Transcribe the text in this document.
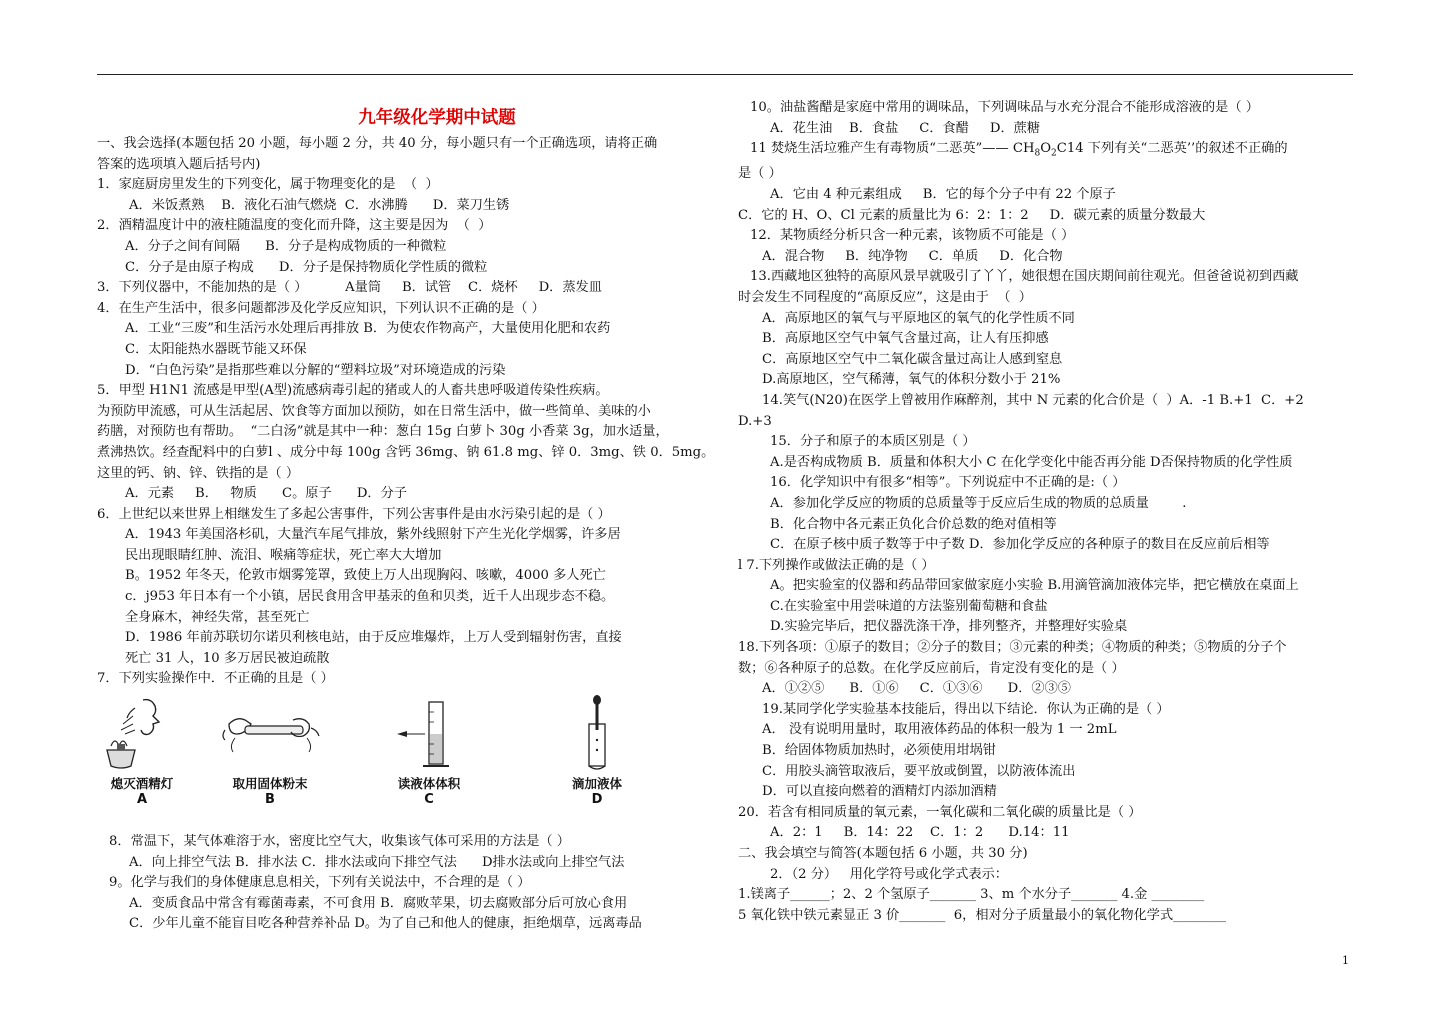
九年级化学期中试题
一、我会选择(本题包括 20 小题，每小题 2 分，共 40 分，每小题只有一个正确选项，请将正确
答案的选项填入题后括号内)
1．家庭厨房里发生的下列变化，属于物理变化的是  （  ）
A．米饭煮熟    B．液化石油气燃烧  C．水沸腾      D．菜刀生锈
2．酒精温度计中的液柱随温度的变化而升降，这主要是因为  （  ）
A．分子之间有间隔      B．分子是构成物质的一种微粒
C．分子是由原子构成      D．分子是保持物质化学性质的微粒
3．下列仪器中，不能加热的是（ ）         A量筒     B．试管    C．烧杯     D．蒸发皿
4．在生产生活中，很多问题都涉及化学反应知识，下列认识不正确的是（ ）
A．工业“三废”和生活污水处理后再排放 B．为使农作物高产，大量使用化肥和农药
C．太阳能热水器既节能又环保
D．“白色污染”是指那些难以分解的“塑料垃圾”对环境造成的污染
5．甲型 H1N1 流感是甲型(A型)流感病毒引起的猪或人的人畜共患呼吸道传染性疾病。
为预防甲流感，可从生活起居、饮食等方面加以预防，如在日常生活中，做一些简单、美味的小
药膳，对预防也有帮助。  “二白汤”就是其中一种：葱白 15g 白萝卜 30g 小香菜 3g，加水适量，
煮沸热饮。经查配料中的白萝l 、成分中每 100g 含钙 36mg、钠 61.8 mg、锌 0．3mg、铁 0．5mg。
这里的钙、钠、锌、铁指的是（ ）
A．元素     B．   物质      C。原子      D．分子
6．上世纪以来世界上相继发生了多起公害事件，下列公害事件是由水污染引起的是（ ）
A．1943 年美国洛杉矶，大量汽车尾气排放，紫外线照射下产生光化学烟雾，许多居
民出现眼睛红肿、流泪、喉痛等症状，死亡率大大增加
B。1952 年冬天，伦敦市烟雾笼罩，致使上万人出现胸闷、咳嗽，4000 多人死亡
c．j953 年日本有一个小镇，居民食用含甲基汞的鱼和贝类，近千人出现步态不稳。
全身麻木，神经失常，甚至死亡
D．1986 年前苏联切尔诺贝利核电站，由于反应堆爆炸，上万人受到辐射伤害，直接
死亡 31 人，10 多万居民被迫疏散
7．下列实验操作中．不正确的且是（ ）
熄灭酒精灯
A
取用固体粉末
B
读液体体积
C
滴加液体
D
8．常温下，某气体难溶于水，密度比空气大，收集该气体可采用的方法是（ ）
A．向上排空气法 B．排水法 C．排水法或向下排空气法      D排水法或向上排空气法
9。化学与我们的身体健康息息相关，下列有关说法中，不合理的是（ ）
A．变质食品中常含有霉菌毒素，不可食用 B．腐败苹果，切去腐败部分后可放心食用
C．少年儿童不能盲目吃各种营养补品 D。为了自己和他人的健康，拒绝烟草，远离毒品
10。油盐酱醋是家庭中常用的调味品，下列调味品与水充分混合不能形成溶液的是（ ）
A．花生油    B．食盐     C．食醋     D．蔗糖
11 焚烧生活垃雅产生有毒物质“二恶英”—— $CH_8O_2C14$ 下列有关“二恶英’’的叙述不正确的
是（ ）
A．它由 4 种元素组成     B．它的每个分子中有 22 个原子
C．它的 H、O、Cl 元素的质量比为 6：2：1：2     D．碳元素的质量分数最大
12．某物质经分析只含一种元素，该物质不可能是（ ）
A．混合物     B．纯净物     C．单质     D．化合物
13.西藏地区独特的高原风景早就吸引了丫丫，她很想在国庆期间前往观光。但爸爸说初到西藏
时会发生不同程度的“高原反应”，这是由于  （  ）
A．高原地区的氧气与平原地区的氧气的化学性质不同
B．高原地区空气中氧气含量过高，让人有压抑感
C．高原地区空气中二氧化碳含量过高让人感到窒息
D.高原地区，空气稀薄，氧气的体积分数小于 21%
14.笑气(N20)在医学上曾被用作麻醉剂，其中 N 元素的化合价是（  ）A．-1 B.+1  C．+2
D.+3
15．分子和原子的本质区别是（ ）
A.是否构成物质 B．质量和体积大小 C 在化学变化中能否再分能 D否保持物质的化学性质
16．化学知识中有很多“相等”。下列说症中不正确的是:（ ）
A．参加化学反应的物质的总质量等于反应后生成的物质的总质量        .
B．化合物中各元素正负化合价总数的绝对值相等
C．在原子核中质子数等于中子数 D．参加化学反应的各种原子的数目在反应前后相等
l 7.下列操作或做法正确的是（ ）
A。把实验室的仪器和药品带回家做家庭小实验 B.用滴管滴加液体完毕，把它横放在桌面上
C.在实验室中用尝味道的方法鉴别葡萄糖和食盐
D.实验完毕后，把仪器洗涤干净，排列整齐，并整理好实验桌
18.下列各项：①原子的数目；②分子的数目；③元素的种类；④物质的种类；⑤物质的分子个
数；⑥各种原子的总数。在化学反应前后，肯定没有变化的是（ ）
A．①②⑤      B．①⑥     C．①③⑥      D．②③⑤
19.某同学化学实验基本技能后，得出以下结论．你认为正确的是（ ）
A． 没有说明用量时，取用液体药品的体积一般为 1 一 2mL
B．给固体物质加热时，必须使用坩埚钳
C．用胶头滴管取液后，要平放或倒置，以防液体流出
D．可以直接向燃着的酒精灯内添加酒精
20．若含有相同质量的氧元素，一氧化碳和二氧化碳的质量比是（ ）
A．2：1     B．14：22    C．1：2      D.14：11
二、我会填空与简答(本题包括 6 小题，共 30 分)
2．（2 分）   用化学符号或化学式表示：
1.镁离子______；2、2 个氢原子_______ 3、m 个水分子_______ 4.金 ________
5 氧化铁中铁元素显正 3 价_______  6，相对分子质量最小的氧化物化学式________
1
